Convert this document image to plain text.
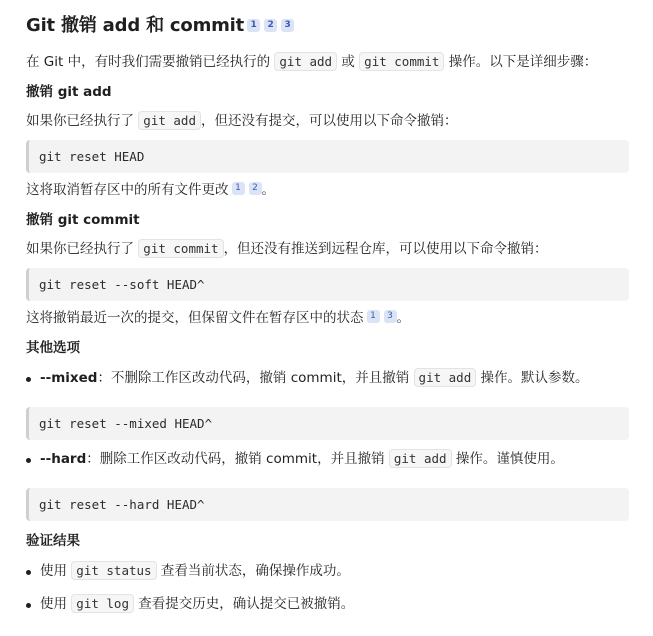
Git 撤销 add 和 commit 1 2 3

在 Git 中，有时我们需要撤销已经执行的 git add 或 git commit 操作。以下是详细步骤：

撤销 git add

如果你已经执行了 git add ，但还没有提交，可以使用以下命令撤销：

git reset HEAD

这将取消暂存区中的所有文件更改 1 2 。

撤销 git commit

如果你已经执行了 git commit ，但还没有推送到远程仓库，可以使用以下命令撤销：

git reset --soft HEAD^

这将撤销最近一次的提交，但保留文件在暂存区中的状态 1 3 。

其他选项
--mixed：不删除工作区改动代码，撤销 commit，并且撤销 git add 操作。默认参数。
git reset --mixed HEAD^
--hard：删除工作区改动代码，撤销 commit，并且撤销 git add 操作。谨慎使用。
git reset --hard HEAD^
验证结果
使用 git status 查看当前状态，确保操作成功。
使用 git log 查看提交历史，确认提交已被撤销。
